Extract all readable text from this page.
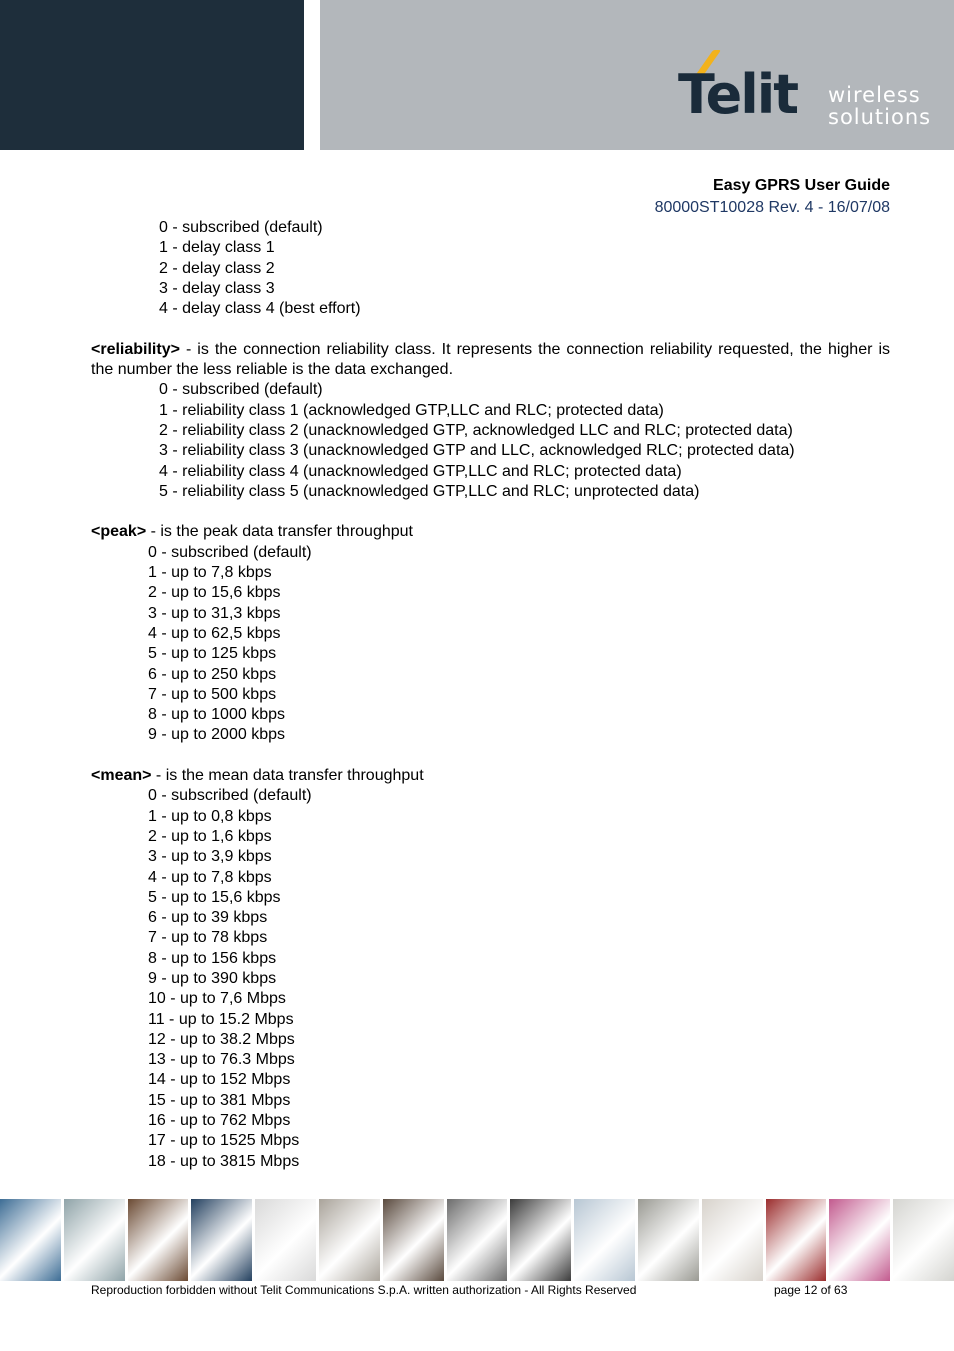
Telit wireless
solutions
Easy GPRS User Guide
80000ST10028 Rev. 4 - 16/07/08

0 - subscribed (default)

1 - delay class 1

2 - delay class 2

3 - delay class 3

4 - delay class 4 (best effort)

<reliability> - is the connection reliability class. It represents the connection reliability requested, the higher is the number the less reliable is the data exchanged.

0 - subscribed (default)

1 - reliability class 1 (acknowledged GTP,LLC and RLC; protected data)

2 - reliability class 2 (unacknowledged GTP, acknowledged LLC and RLC; protected data)

3 - reliability class 3 (unacknowledged GTP and LLC, acknowledged RLC; protected data)

4 - reliability class 4 (unacknowledged GTP,LLC and RLC; protected data)

5 - reliability class 5 (unacknowledged GTP,LLC and RLC; unprotected data)

<peak> - is the peak data transfer throughput

0 - subscribed (default)

1 - up to 7,8 kbps

2 - up to 15,6 kbps

3 - up to 31,3 kbps

4 - up to 62,5 kbps

5 - up to 125 kbps

6 - up to 250 kbps

7 - up to 500 kbps

8 - up to 1000 kbps

9 - up to 2000 kbps

<mean> - is the mean data transfer throughput

0 - subscribed (default)

1 - up to 0,8 kbps

2 - up to 1,6 kbps

3 - up to 3,9 kbps

4 - up to 7,8 kbps

5 - up to 15,6 kbps

6 - up to 39 kbps

7 - up to 78 kbps

8 - up to 156 kbps

9 - up to 390 kbps

10 - up to 7,6 Mbps

11 - up to 15.2 Mbps

12 - up to 38.2 Mbps

13 - up to 76.3 Mbps

14 - up to 152 Mbps

15 - up to 381 Mbps

16 - up to 762 Mbps

17 - up to 1525 Mbps

18 - up to 3815 Mbps

Reproduction forbidden without Telit Communications S.p.A. written authorization - All Rights Reserved	page 12 of 63
